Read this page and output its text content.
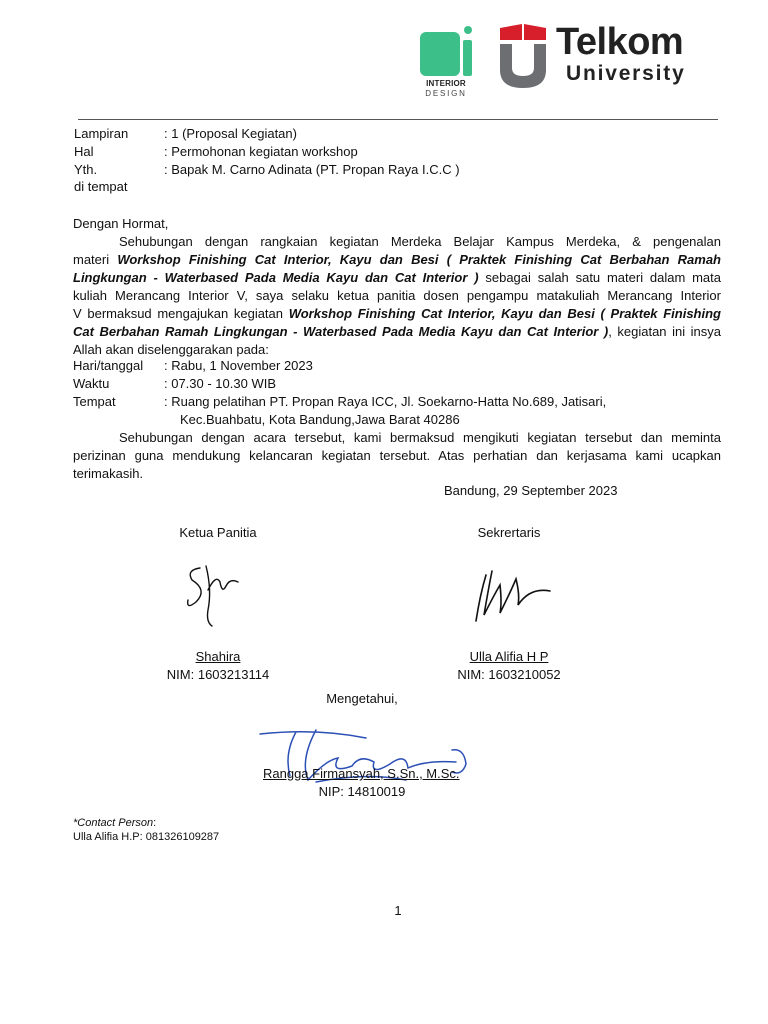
INTERIOR
DESIGN
Telkom
University
Lampiran	: 1 (Proposal Kegiatan)
Hal	: Permohonan kegiatan workshop
Yth.	: Bapak M. Carno Adinata (PT. Propan Raya I.C.C )
di tempat
Dengan Hormat,
Sehubungan dengan rangkaian kegiatan Merdeka Belajar Kampus Merdeka, & pengenalan
materi Workshop Finishing Cat Interior, Kayu dan Besi ( Praktek Finishing Cat Berbahan Ramah
Lingkungan - Waterbased Pada Media Kayu dan Cat Interior ) sebagai salah satu materi dalam mata
kuliah Merancang Interior V, saya selaku ketua panitia dosen pengampu matakuliah Merancang Interior
V bermaksud mengajukan kegiatan Workshop Finishing Cat Interior, Kayu dan Besi ( Praktek Finishing
Cat Berbahan Ramah Lingkungan - Waterbased Pada Media Kayu dan Cat Interior ), kegiatan ini insya
Allah akan diselenggarakan pada:
Hari/tanggal : Rabu, 1 November 2023
Waktu	: 07.30 - 10.30 WIB
Tempat	: Ruang pelatihan PT. Propan Raya ICC, Jl. Soekarno-Hatta No.689, Jatisari,
Kec.Buahbatu, Kota Bandung,Jawa Barat 40286
Sehubungan dengan acara tersebut, kami bermaksud mengikuti kegiatan tersebut dan meminta
perizinan guna mendukung kelancaran kegiatan tersebut. Atas perhatian dan kerjasama kami ucapkan
terimakasih.
Bandung, 29 September 2023
Ketua Panitia	Sekrertaris
Shahira
NIM: 1603213114
Ulla Alifia H P
NIM: 1603210052
Mengetahui,
Rangga Firmansyah, S.Sn., M.Sc.
NIP: 14810019
*Contact Person:
Ulla Alifia H.P: 081326109287
1
